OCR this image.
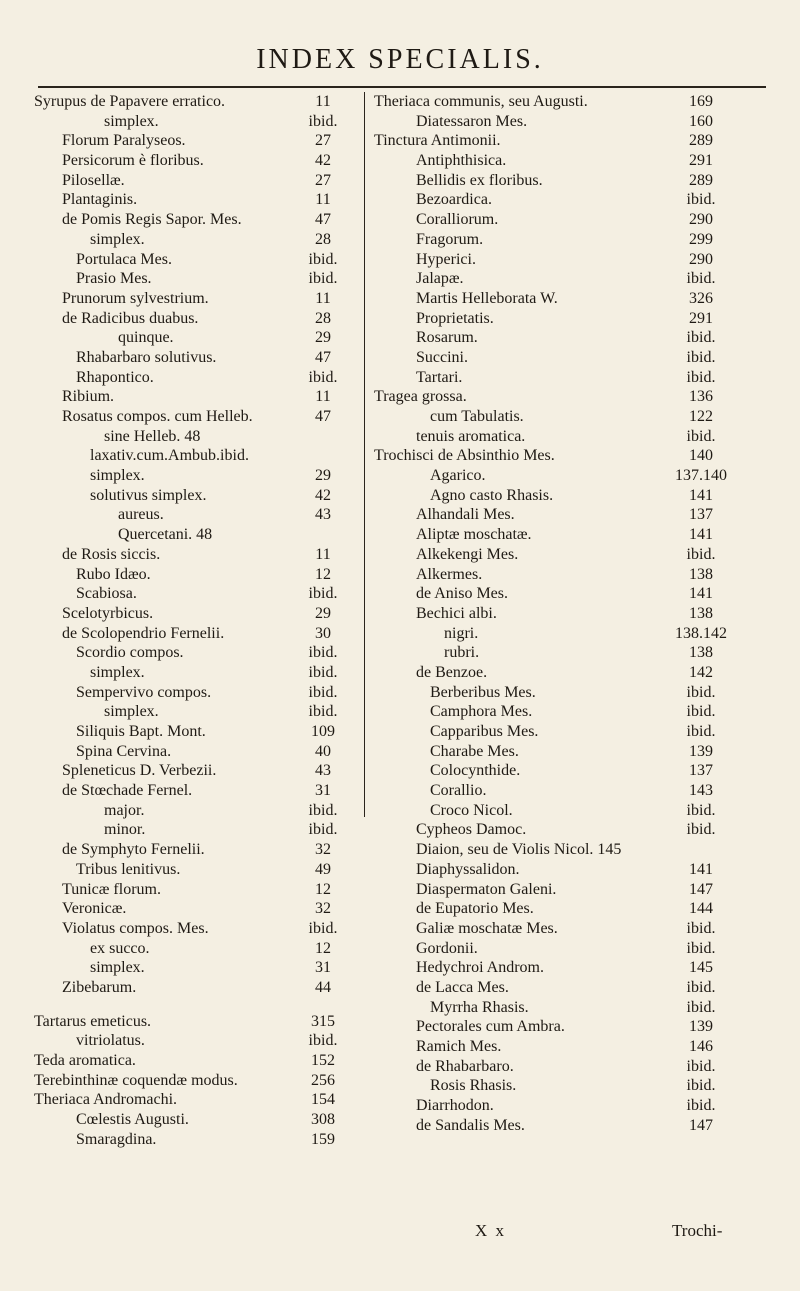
INDEX SPECIALIS.
Syrupus de Papavere erratico.	11
simplex.	ibid.
Florum Paralyseos.	27
Persicorum è floribus.	42
Pilosellæ.	27
Plantaginis.	11
de Pomis Regis Sapor. Mes.	47
simplex.	28
Portulaca Mes.	ibid.
Prasio Mes.	ibid.
Prunorum sylvestrium.	11
de Radicibus duabus.	28
quinque.	29
Rhabarbaro solutivus.	47
Rhapontico.	ibid.
Ribium.	11
Rosatus compos. cum Helleb.	47
sine Helleb. 48
laxativ.cum.Ambub.ibid.
simplex.	29
solutivus simplex.	42
aureus.	43
Quercetani. 48
de Rosis siccis.	11
Rubo Idæo.	12
Scabiosa.	ibid.
Scelotyrbicus.	29
de Scolopendrio Fernelii.	30
Scordio compos.	ibid.
simplex.	ibid.
Sempervivo compos.	ibid.
simplex.	ibid.
Siliquis Bapt. Mont.	109
Spina Cervina.	40
Spleneticus D. Verbezii.	43
de Stœchade Fernel.	31
major.	ibid.
minor.	ibid.
de Symphyto Fernelii.	32
Tribus lenitivus.	49
Tunicæ florum.	12
Veronicæ.	32
Violatus compos. Mes.	ibid.
ex succo.	12
simplex.	31
Zibebarum.	44
Tartarus emeticus.	315
vitriolatus.	ibid.
Teda aromatica.	152
Terebinthinæ coquendæ modus.	256
Theriaca Andromachi.	154
Cœlestis Augusti.	308
Smaragdina.	159
Theriaca communis, seu Augusti.	169
Diatessaron Mes.	160
Tinctura Antimonii.	289
Antiphthisica.	291
Bellidis ex floribus.	289
Bezoardica.	ibid.
Coralliorum.	290
Fragorum.	299
Hyperici.	290
Jalapæ.	ibid.
Martis Helleborata W.	326
Proprietatis.	291
Rosarum.	ibid.
Succini.	ibid.
Tartari.	ibid.
Tragea grossa.	136
cum Tabulatis.	122
tenuis aromatica.	ibid.
Trochisci de Absinthio Mes.	140
Agarico.	137.140
Agno casto Rhasis.	141
Alhandali Mes.	137
Aliptæ moschatæ.	141
Alkekengi Mes.	ibid.
Alkermes.	138
de Aniso Mes.	141
Bechici albi.	138
nigri.	138.142
rubri.	138
de Benzoe.	142
Berberibus Mes.	ibid.
Camphora Mes.	ibid.
Capparibus Mes.	ibid.
Charabe Mes.	139
Colocynthide.	137
Corallio.	143
Croco Nicol.	ibid.
Cypheos Damoc.	ibid.
Diaion, seu de Violis Nicol. 145
Diaphyssalidon.	141
Diaspermaton Galeni.	147
de Eupatorio Mes.	144
Galiæ moschatæ Mes.	ibid.
Gordonii.	ibid.
Hedychroi Androm.	145
de Lacca Mes.	ibid.
Myrrha Rhasis.	ibid.
Pectorales cum Ambra.	139
Ramich Mes.	146
de Rhabarbaro.	ibid.
Rosis Rhasis.	ibid.
Diarrhodon.	ibid.
de Sandalis Mes.	147
X x	Trochi-
